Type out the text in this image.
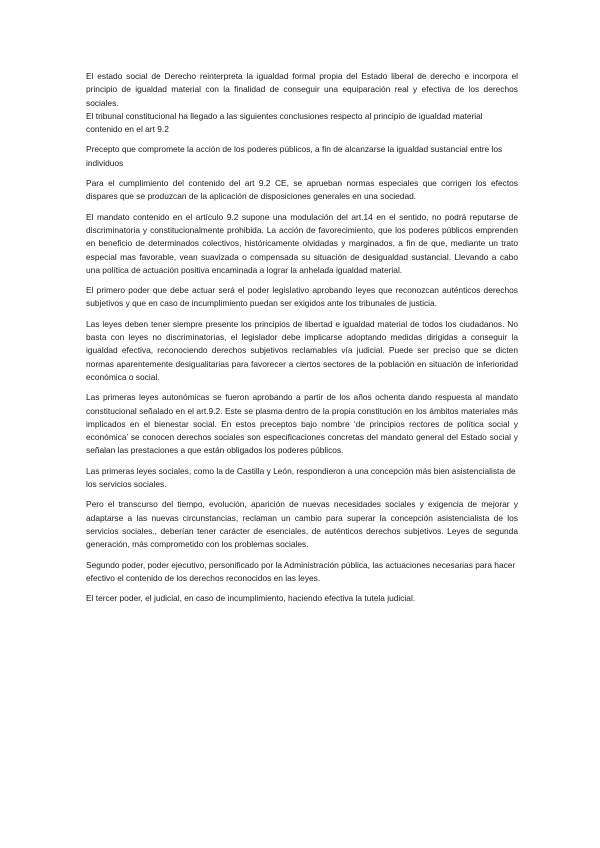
El estado social de Derecho reinterpreta la igualdad formal propia del Estado liberal de derecho e incorpora el principio de igualdad material con la finalidad de conseguir una equiparación real y efectiva de los derechos sociales.

El tribunal constitucional ha llegado a las siguientes conclusiones respecto al principio de igualdad material contenido en el art 9.2

Precepto que compromete la acción de los poderes públicos, a fin de alcanzarse la igualdad sustancial entre los individuos

Para el cumplimiento del contenido del art 9.2 CE, se aprueban normas especiales que corrigen los efectos dispares que se produzcan de la aplicación de disposiciones generales en una sociedad.

El mandato contenido en el artículo 9.2 supone una modulación del art.14 en el sentido, no podrá reputarse de discriminatoria y constitucionalmente prohibida. La acción de favorecimiento, que los poderes públicos emprenden en beneficio de determinados colectivos, históricamente olvidadas y marginados, a fin de que, mediante un trato especial mas favorable, vean suavizada o compensada su situación de desigualdad sustancial. Llevando a cabo una política de actuación positiva encaminada a lograr la anhelada igualdad material.

El primero poder que debe actuar será el poder legislativo aprobando leyes que reconozcan auténticos derechos subjetivos y que en caso de incumplimiento puedan ser exigidos ante los tribunales de justicia.

Las leyes deben tener siempre presente los principios de libertad e igualdad material de todos los ciudadanos. No basta con leyes no discriminatorias, el legislador debe implicarse adoptando medidas dirigidas a conseguir la igualdad efectiva, reconociendo derechos subjetivos reclamables vía judicial. Puede ser preciso que se dicten normas aparentemente desigualitarias para favorecer a ciertos sectores de la población en situación de inferioridad económica o social.

Las primeras leyes autonómicas se fueron aprobando a partir de los años ochenta dando respuesta al mandato constitucional señalado en el art.9.2. Este se plasma dentro de la propia constitución en los ámbitos materiales más implicados en el bienestar social. En estos preceptos bajo nombre ‘de principios rectores de política social y económica’ se conocen derechos sociales son especificaciones concretas del mandato general del Estado social y señalan las prestaciones a que están obligados los poderes públicos.

Las primeras leyes sociales, como la de Castilla y León, respondieron a una concepción más bien asistencialista de los servicios sociales.

Pero el transcurso del tiempo, evolución, aparición de nuevas necesidades sociales y exigencia de mejorar y adaptarse a las nuevas circunstancias, reclaman un cambio para superar la concepción asistencialista de los servicios sociales., deberían tener carácter de esenciales, de auténticos derechos subjetivos. Leyes de segunda generación, más comprometido con los problemas sociales.

Segundo poder, poder ejecutivo, personificado por la Administración pública, las actuaciones necesarias para hacer efectivo el contenido de los derechos reconocidos en las leyes.

El tercer poder, el judicial, en caso de incumplimiento, haciendo efectiva la tutela judicial.
